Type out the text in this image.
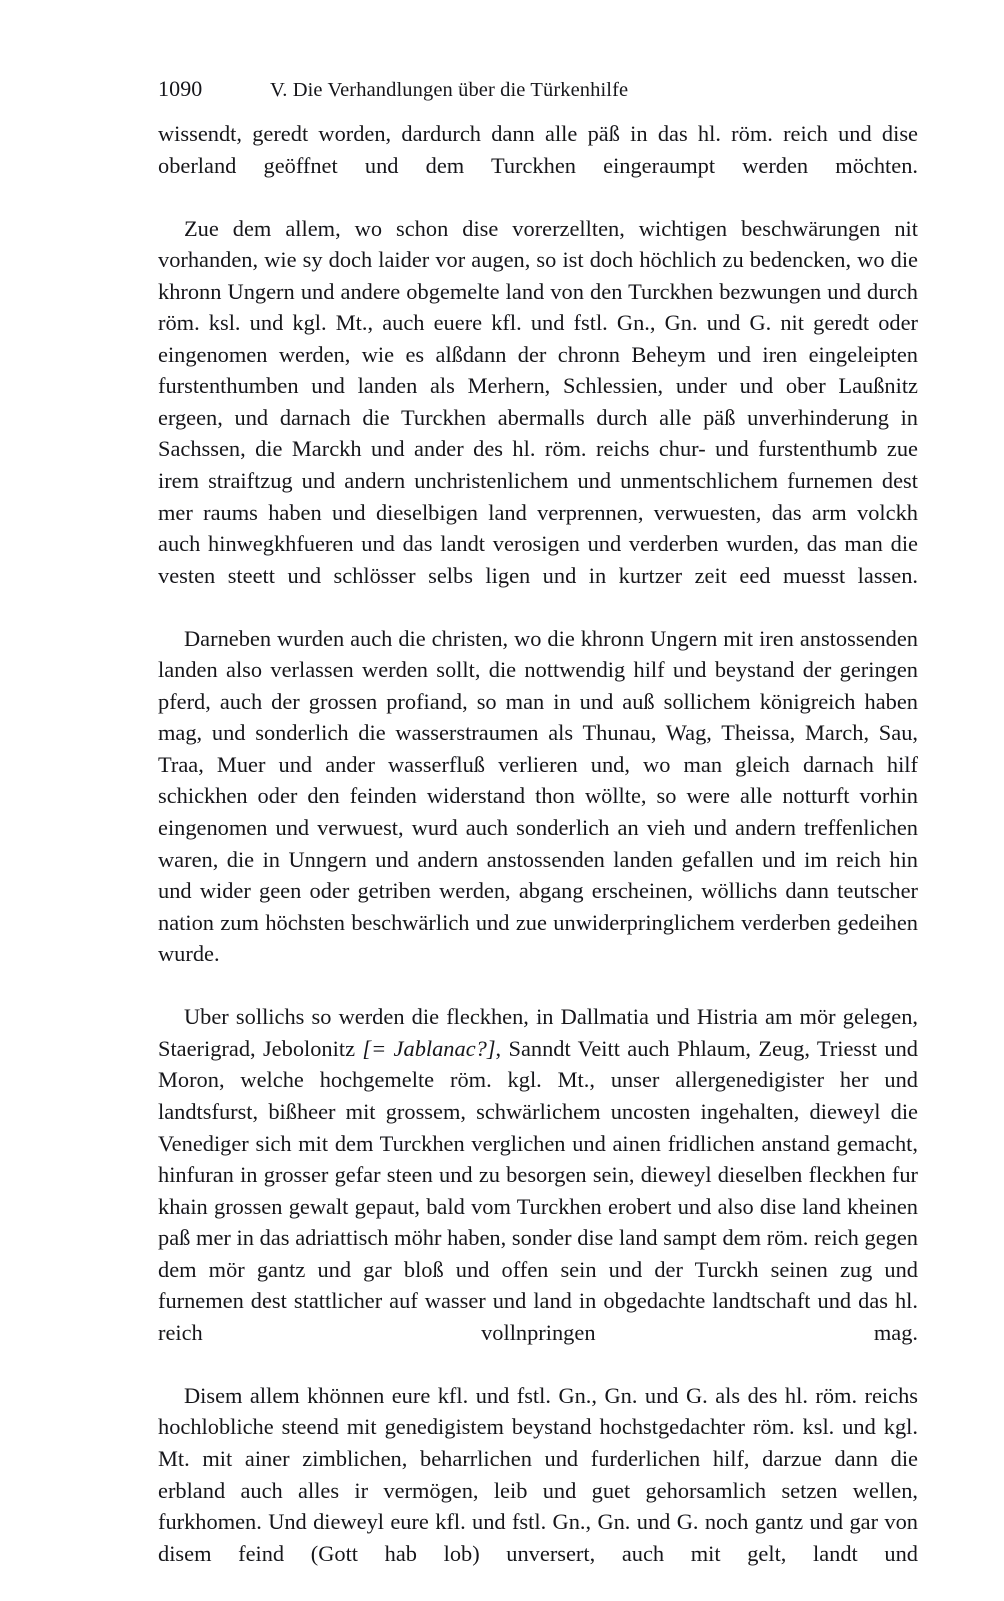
1090	V. Die Verhandlungen über die Türkenhilfe

wissendt, geredt worden, dardurch dann alle päß in das hl. röm. reich und dise oberland geöffnet und dem Turckhen eingeraumpt werden möchten.

Zue dem allem, wo schon dise vorerzellten, wichtigen beschwärungen nit vorhanden, wie sy doch laider vor augen, so ist doch höchlich zu bedencken, wo die khronn Ungern und andere obgemelte land von den Turckhen bezwungen und durch röm. ksl. und kgl. Mt., auch euere kfl. und fstl. Gn., Gn. und G. nit geredt oder eingenomen werden, wie es alßdann der chronn Beheym und iren eingeleipten furstenthumben und landen als Merhern, Schlessien, under und ober Laußnitz ergeen, und darnach die Turckhen abermalls durch alle päß unverhinderung in Sachssen, die Marckh und ander des hl. röm. reichs chur- und furstenthumb zue irem straiftzug und andern unchristenlichem und unmentschlichem furnemen dest mer raums haben und dieselbigen land verprennen, verwuesten, das arm volckh auch hinwegkhfueren und das landt verosigen und verderben wurden, das man die vesten steett und schlösser selbs ligen und in kurtzer zeit eed muesst lassen.

Darneben wurden auch die christen, wo die khronn Ungern mit iren anstossenden landen also verlassen werden sollt, die nottwendig hilf und beystand der geringen pferd, auch der grossen profiand, so man in und auß sollichem königreich haben mag, und sonderlich die wasserstraumen als Thunau, Wag, Theissa, March, Sau, Traa, Muer und ander wasserfluß verlieren und, wo man gleich darnach hilf schickhen oder den feinden widerstand thon wöllte, so were alle notturft vorhin eingenomen und verwuest, wurd auch sonderlich an vieh und andern treffenlichen waren, die in Unngern und andern anstossenden landen gefallen und im reich hin und wider geen oder getriben werden, abgang erscheinen, wöllichs dann teutscher nation zum höchsten beschwärlich und zue unwiderpringlichem verderben gedeihen wurde.

Uber sollichs so werden die fleckhen, in Dallmatia und Histria am mör gelegen, Staerigrad, Jebolonitz [= Jablanac?], Sanndt Veitt auch Phlaum, Zeug, Triesst und Moron, welche hochgemelte röm. kgl. Mt., unser allergenedigister her und landtsfurst, bißheer mit grossem, schwärlichem uncosten ingehalten, dieweyl die Venediger sich mit dem Turckhen verglichen und ainen fridlichen anstand gemacht, hinfuran in grosser gefar steen und zu besorgen sein, dieweyl dieselben fleckhen fur khain grossen gewalt gepaut, bald vom Turckhen erobert und also dise land kheinen paß mer in das adriattisch möhr haben, sonder dise land sampt dem röm. reich gegen dem mör gantz und gar bloß und offen sein und der Turckh seinen zug und furnemen dest stattlicher auf wasser und land in obgedachte landtschaft und das hl. reich vollnpringen mag.

Disem allem khönnen eure kfl. und fstl. Gn., Gn. und G. als des hl. röm. reichs hochlobliche steend mit genedigistem beystand hochstgedachter röm. ksl. und kgl. Mt. mit ainer zimblichen, beharrlichen und furderlichen hilf, darzue dann die erbland auch alles ir vermögen, leib und guet gehorsamlich setzen wellen, furkhomen. Und dieweyl eure kfl. und fstl. Gn., Gn. und G. noch gantz und gar von disem feind (Gott hab lob) unversert, auch mit gelt, landt und
